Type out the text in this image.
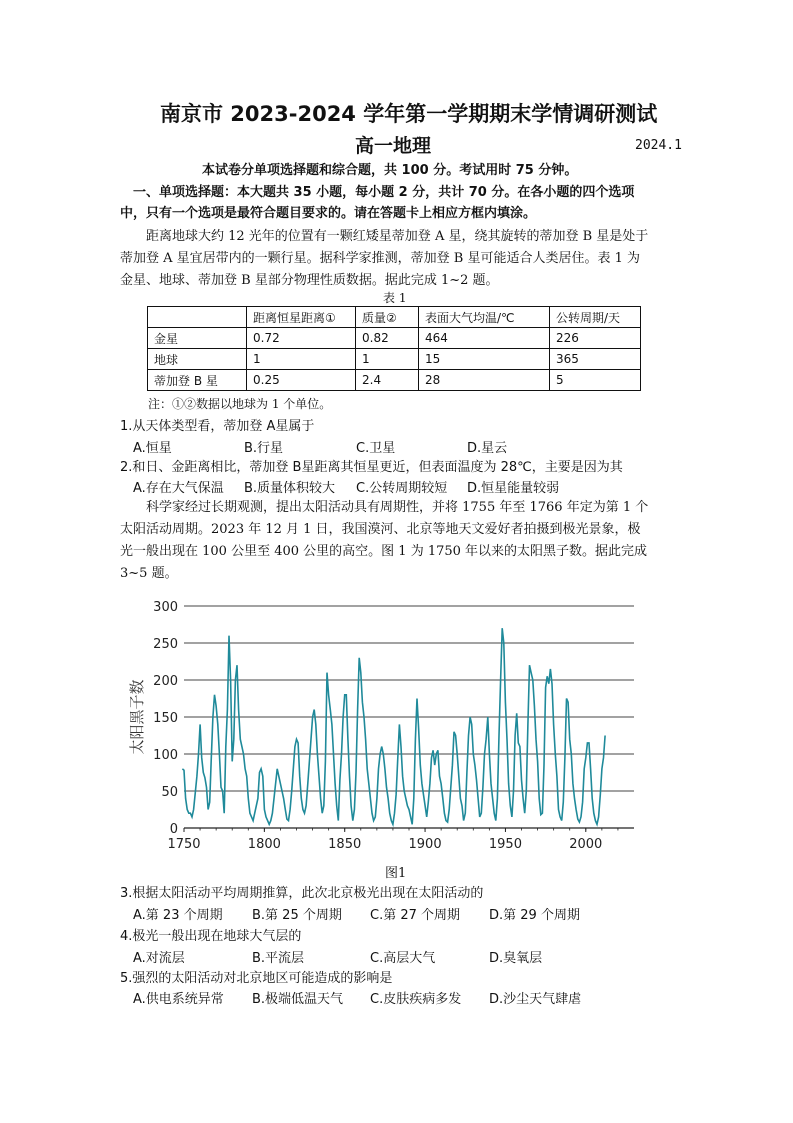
南京市 2023-2024 学年第一学期期末学情调研测试
高一地理	2024.1
本试卷分单项选择题和综合题，共 100 分。考试用时 75 分钟。
一、单项选择题：本大题共 35 小题，每小题 2 分，共计 70 分。在各小题的四个选项
中，只有一个选项是最符合题目要求的。请在答题卡上相应方框内填涂。
距离地球大约 12 光年的位置有一颗红矮星蒂加登 A 星，绕其旋转的蒂加登 B 星是处于
蒂加登 A 星宜居带内的一颗行星。据科学家推测，蒂加登 B 星可能适合人类居住。表 1 为
金星、地球、蒂加登 B 星部分物理性质数据。据此完成 1~2 题。
表 1
	距离恒星距离①	质量②	表面大气均温/℃	公转周期/天
金星	0.72	0.82	464	226
地球	1	1	15	365
蒂加登 B 星	0.25	2.4	28	5
注：①②数据以地球为 1 个单位。
1.从天体类型看，蒂加登 A星属于
A.恒星	B.行星	C.卫星	D.星云
2.和日、金距离相比，蒂加登 B星距离其恒星更近，但表面温度为 28℃，主要是因为其
A.存在大气保温 B.质量体积较大 C.公转周期较短 D.恒星能量较弱
科学家经过长期观测，提出太阳活动具有周期性，并将 1755 年至 1766 年定为第 1 个
太阳活动周期。2023 年 12 月 1 日，我国漠河、北京等地天文爱好者拍摄到极光景象，极
光一般出现在 100 公里至 400 公里的高空。图 1 为 1750 年以来的太阳黑子数。据此完成
3~5 题。
0
50
100
150
200
250
300
1750	1800	1850	1900	1950	2000
太阳黑子数
图1
3.根据太阳活动平均周期推算，此次北京极光出现在太阳活动的
A.第 23 个周期 B.第 25 个周期 C.第 27 个周期 D.第 29 个周期
4.极光一般出现在地球大气层的
A.对流层	B.平流层	C.高层大气	D.臭氧层
5.强烈的太阳活动对北京地区可能造成的影响是
A.供电系统异常 B.极端低温天气 C.皮肤疾病多发 D.沙尘天气肆虐
